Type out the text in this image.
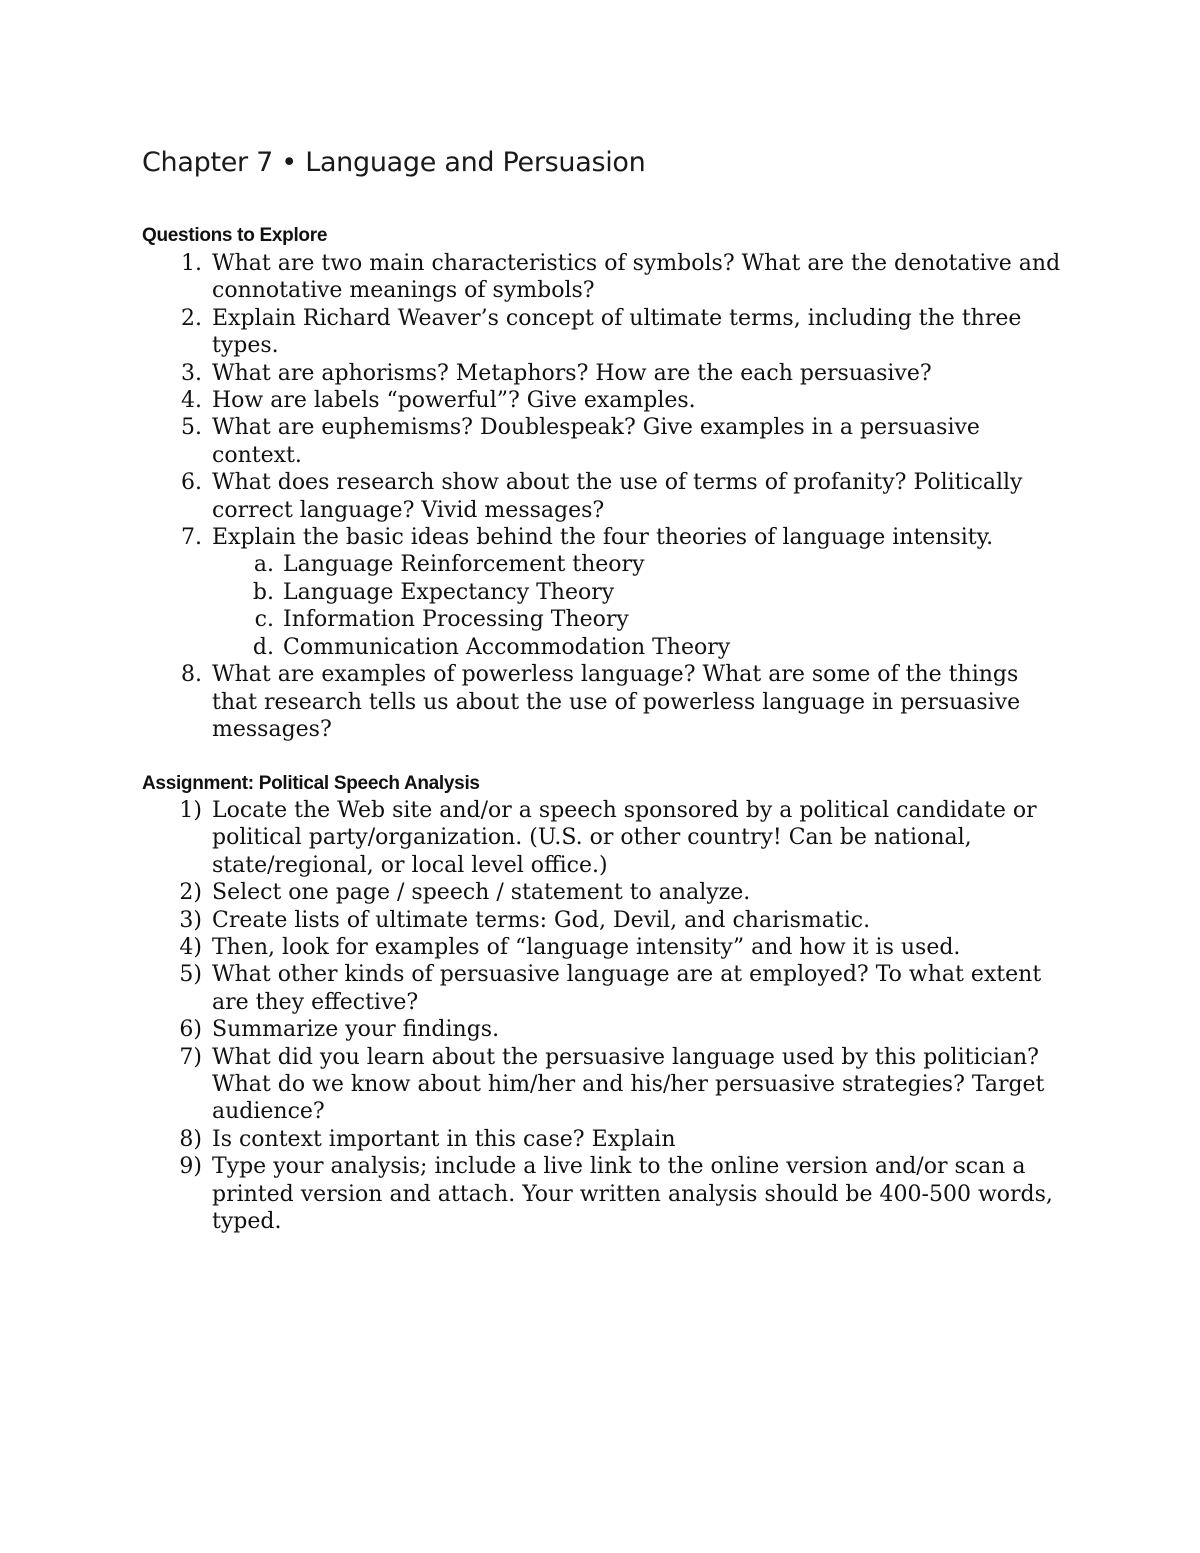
Chapter 7 • Language and Persuasion
Questions to Explore
1. What are two main characteristics of symbols? What are the denotative and connotative meanings of symbols?
2. Explain Richard Weaver’s concept of ultimate terms, including the three types.
3. What are aphorisms? Metaphors? How are the each persuasive?
4. How are labels “powerful”? Give examples.
5. What are euphemisms? Doublespeak? Give examples in a persuasive context.
6. What does research show about the use of terms of profanity? Politically correct language? Vivid messages?
7. Explain the basic ideas behind the four theories of language intensity.
a. Language Reinforcement theory
b. Language Expectancy Theory
c. Information Processing Theory
d. Communication Accommodation Theory
8. What are examples of powerless language? What are some of the things that research tells us about the use of powerless language in persuasive messages?
Assignment: Political Speech Analysis
1) Locate the Web site and/or a speech sponsored by a political candidate or political party/organization. (U.S. or other country! Can be national, state/regional, or local level office.)
2) Select one page / speech / statement to analyze.
3) Create lists of ultimate terms: God, Devil, and charismatic.
4) Then, look for examples of “language intensity” and how it is used.
5) What other kinds of persuasive language are at employed? To what extent are they effective?
6) Summarize your findings.
7) What did you learn about the persuasive language used by this politician? What do we know about him/her and his/her persuasive strategies? Target audience?
8) Is context important in this case? Explain
9) Type your analysis; include a live link to the online version and/or scan a printed version and attach. Your written analysis should be 400-500 words, typed.
